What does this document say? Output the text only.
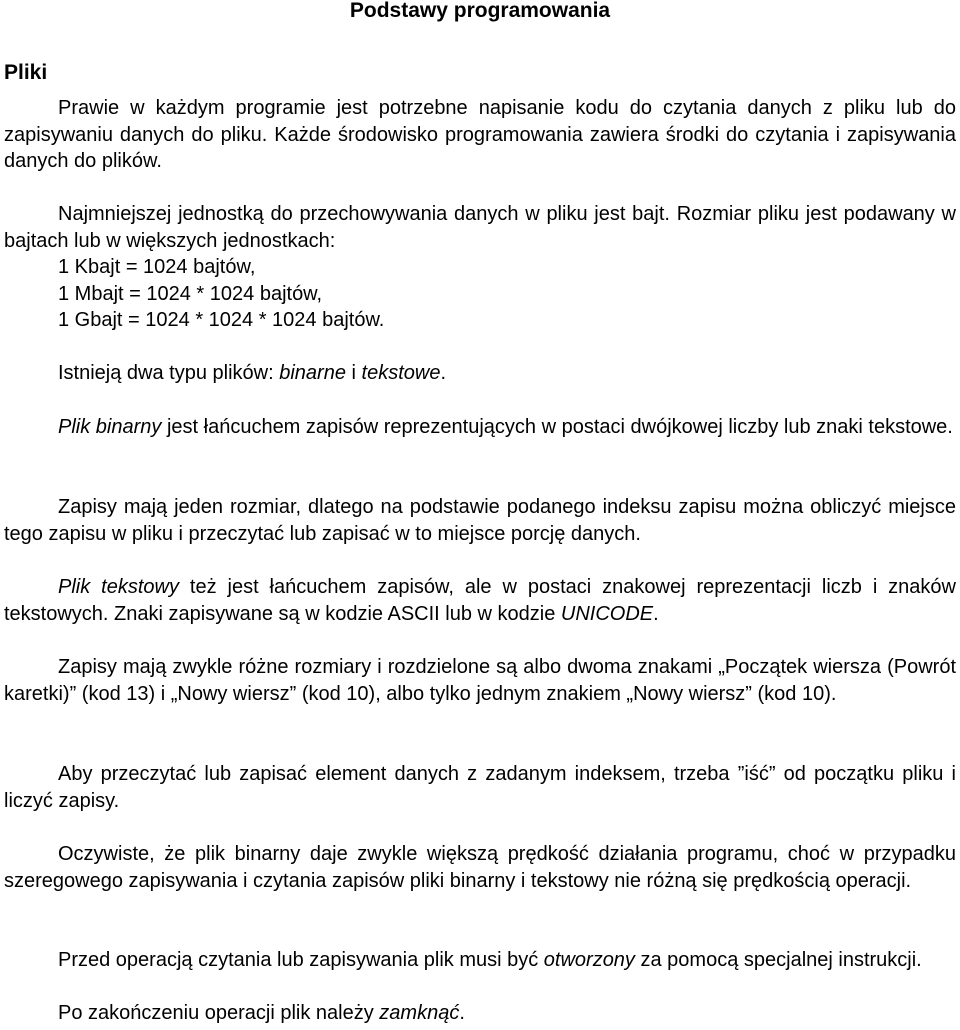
Podstawy programowania
Pliki
Prawie w każdym programie jest potrzebne napisanie kodu do czytania danych z pliku lub do zapisywaniu danych do pliku. Każde środowisko programowania zawiera środki do czytania i zapisywania danych do plików.
Najmniejszej jednostką do przechowywania danych w pliku jest bajt. Rozmiar pliku jest podawany w bajtach lub w większych jednostkach:
1 Kbajt = 1024 bajtów,
1 Mbajt = 1024 * 1024 bajtów,
1 Gbajt = 1024 * 1024 * 1024 bajtów.
Istnieją dwa typu plików: binarne i tekstowe.
Plik binarny jest łańcuchem zapisów reprezentujących w postaci dwójkowej liczby lub znaki tekstowe.
Zapisy mają jeden rozmiar, dlatego na podstawie podanego indeksu zapisu można obliczyć miejsce tego zapisu w pliku i przeczytać lub zapisać w to miejsce porcję danych.
Plik tekstowy też jest łańcuchem zapisów, ale w postaci znakowej reprezentacji liczb i znaków tekstowych. Znaki zapisywane są w kodzie ASCII lub w kodzie UNICODE.
Zapisy mają zwykle różne rozmiary i rozdzielone są albo dwoma znakami „Początek wiersza (Powrót karetki)” (kod 13) i „Nowy wiersz” (kod 10), albo tylko jednym znakiem „Nowy wiersz” (kod 10).
Aby przeczytać lub zapisać element danych z zadanym indeksem, trzeba ”iść” od początku pliku i liczyć zapisy.
Oczywiste, że plik binarny daje zwykle większą prędkość działania programu, choć w przypadku szeregowego zapisywania i czytania zapisów pliki binarny i tekstowy nie różną się prędkością operacji.
Przed operacją czytania lub zapisywania plik musi być otworzony za pomocą specjalnej instrukcji.
Po zakończeniu operacji plik należy zamknąć.
